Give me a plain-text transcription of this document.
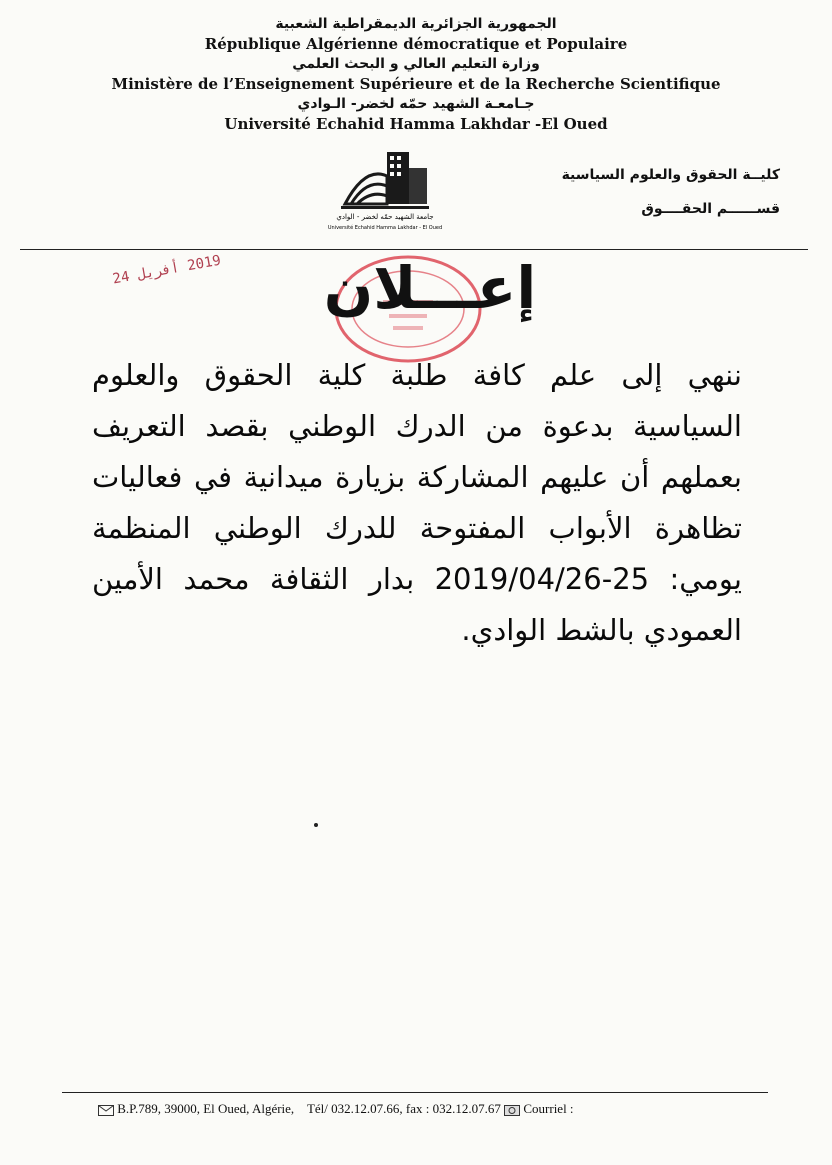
الجمهورية الجزائرية الديمقراطية الشعبية
République Algérienne démocratique et Populaire
وزارة التعليم العالي و البحث العلمي
Ministère de l’Enseignement Supérieure et de la Recherche Scientifique
جـامعـة الشهيد حمّه لخضر- الـوادي
Université Echahid Hamma Lakhdar -El Oued
كليــة الحقوق والعلوم السياسية
قســــــم الحقــــوق
جامعة الشهيد حمّه لخضر - الوادي
Université Echahid Hamma Lakhdar - El Oued
2019 أفريل 24	إعـــلان
ننهي إلى علم كافة طلبة كلية الحقوق والعلوم السياسية بدعوة من الدرك الوطني بقصد التعريف بعملهم أن عليهم المشاركة بزيارة ميدانية في فعاليات تظاهرة الأبواب المفتوحة للدرك الوطني المنظمة يومي: 25-2019/04/26 بدار الثقافة محمد الأمين العمودي بالشط الوادي.
B.P.789, 39000, El Oued, Algérie, Tél/ 032.12.07.66, fax : 032.12.07.67 Courriel :
